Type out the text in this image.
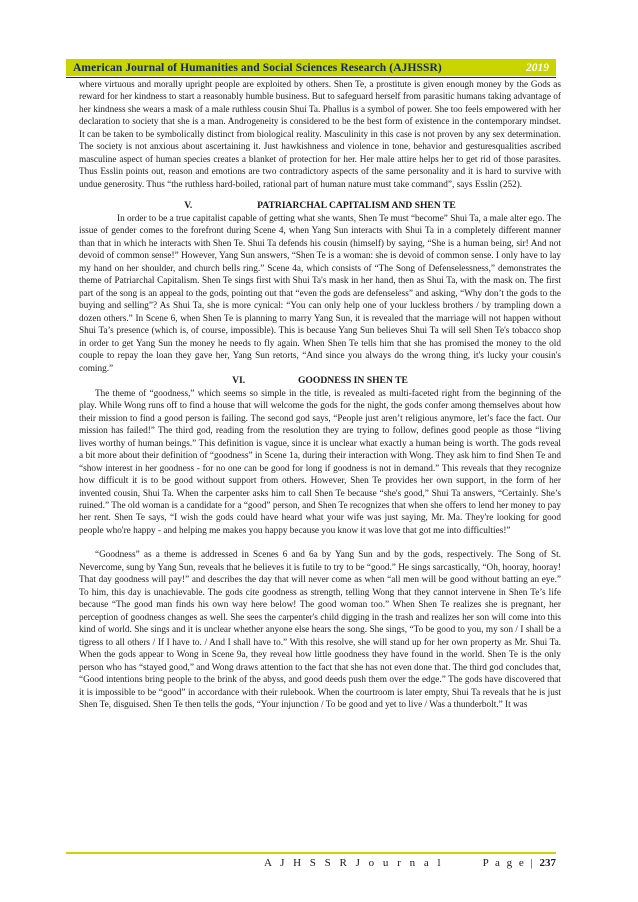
American Journal of Humanities and Social Sciences Research (AJHSSR)	2019

where virtuous and morally upright people are exploited by others. Shen Te, a prostitute is given enough money by the Gods as reward for her kindness to start a reasonably humble business. But to safeguard herself from parasitic humans taking advantage of her kindness she wears a mask of a male ruthless cousin Shui Ta. Phallus is a symbol of power. She too feels empowered with her declaration to society that she is a man. Androgeneity is considered to be the best form of existence in the contemporary mindset. It can be taken to be symbolically distinct from biological reality. Masculinity in this case is not proven by any sex determination. The society is not anxious about ascertaining it. Just hawkishness and violence in tone, behavior and gesturesqualities ascribed masculine aspect of human species creates a blanket of protection for her. Her male attire helps her to get rid of those parasites. Thus Esslin points out, reason and emotions are two contradictory aspects of the same personality and it is hard to survive with undue generosity. Thus “the ruthless hard-boiled, rational part of human nature must take command”, says Esslin (252).

V.	PATRIARCHAL CAPITALISM AND SHEN TE

In order to be a true capitalist capable of getting what she wants, Shen Te must “become” Shui Ta, a male alter ego. The issue of gender comes to the forefront during Scene 4, when Yang Sun interacts with Shui Ta in a completely different manner than that in which he interacts with Shen Te. Shui Ta defends his cousin (himself) by saying, “She is a human being, sir! And not devoid of common sense!” However, Yang Sun answers, “Shen Te is a woman: she is devoid of common sense. I only have to lay my hand on her shoulder, and church bells ring.” Scene 4a, which consists of “The Song of Defenselessness,” demonstrates the theme of Patriarchal Capitalism. Shen Te sings first with Shui Ta's mask in her hand, then as Shui Ta, with the mask on. The first part of the song is an appeal to the gods, pointing out that “even the gods are defenseless” and asking, “Why don’t the gods to the buying and selling”? As Shui Ta, she is more cynical: “You can only help one of your luckless brothers / by trampling down a dozen others.” In Scene 6, when Shen Te is planning to marry Yang Sun, it is revealed that the marriage will not happen without Shui Ta’s presence (which is, of course, impossible). This is because Yang Sun believes Shui Ta will sell Shen Te's tobacco shop in order to get Yang Sun the money he needs to fly again. When Shen Te tells him that she has promised the money to the old couple to repay the loan they gave her, Yang Sun retorts, “And since you always do the wrong thing, it's lucky your cousin's coming.”

VI.	GOODNESS IN SHEN TE

The theme of “goodness,” which seems so simple in the title, is revealed as multi-faceted right from the beginning of the play. While Wong runs off to find a house that will welcome the gods for the night, the gods confer among themselves about how their mission to find a good person is failing. The second god says, “People just aren’t religious anymore, let’s face the fact. Our mission has failed!” The third god, reading from the resolution they are trying to follow, defines good people as those “living lives worthy of human beings.” This definition is vague, since it is unclear what exactly a human being is worth. The gods reveal a bit more about their definition of “goodness” in Scene 1a, during their interaction with Wong. They ask him to find Shen Te and “show interest in her goodness - for no one can be good for long if goodness is not in demand.” This reveals that they recognize how difficult it is to be good without support from others. However, Shen Te provides her own support, in the form of her invented cousin, Shui Ta. When the carpenter asks him to call Shen Te because “she's good,” Shui Ta answers, “Certainly. She’s ruined.” The old woman is a candidate for a “good” person, and Shen Te recognizes that when she offers to lend her money to pay her rent. Shen Te says, “I wish the gods could have heard what your wife was just saying, Mr. Ma. They're looking for good people who're happy - and helping me makes you happy because you know it was love that got me into difficulties!”

“Goodness” as a theme is addressed in Scenes 6 and 6a by Yang Sun and by the gods, respectively. The Song of St. Nevercome, sung by Yang Sun, reveals that he believes it is futile to try to be “good.” He sings sarcastically, “Oh, hooray, hooray! That day goodness will pay!” and describes the day that will never come as when “all men will be good without batting an eye.” To him, this day is unachievable. The gods cite goodness as strength, telling Wong that they cannot intervene in Shen Te’s life because “The good man finds his own way here below! The good woman too.” When Shen Te realizes she is pregnant, her perception of goodness changes as well. She sees the carpenter's child digging in the trash and realizes her son will come into this kind of world. She sings and it is unclear whether anyone else hears the song. She sings, “To be good to you, my son / I shall be a tigress to all others / If I have to. / And I shall have to.” With this resolve, she will stand up for her own property as Mr. Shui Ta. When the gods appear to Wong in Scene 9a, they reveal how little goodness they have found in the world. Shen Te is the only person who has “stayed good,” and Wong draws attention to the fact that she has not even done that. The third god concludes that, “Good intentions bring people to the brink of the abyss, and good deeds push them over the edge.” The gods have discovered that it is impossible to be “good” in accordance with their rulebook. When the courtroom is later empty, Shui Ta reveals that he is just Shen Te, disguised. Shen Te then tells the gods, “Your injunction / To be good and yet to live / Was a thunderbolt.” It was

A J H S S R J o u r n a l	P a g e | 237
